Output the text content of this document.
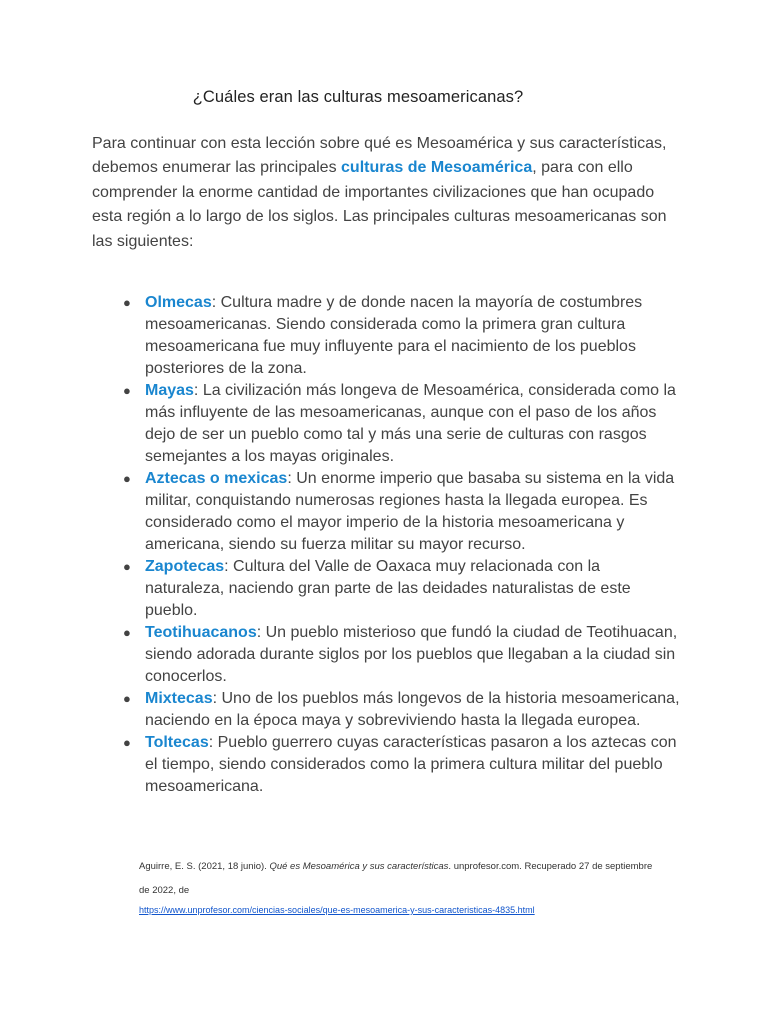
¿Cuáles eran las culturas mesoamericanas?

Para continuar con esta lección sobre qué es Mesoamérica y sus características, debemos enumerar las principales culturas de Mesoamérica, para con ello comprender la enorme cantidad de importantes civilizaciones que han ocupado esta región a lo largo de los siglos. Las principales culturas mesoamericanas son las siguientes:

● Olmecas: Cultura madre y de donde nacen la mayoría de costumbres mesoamericanas. Siendo considerada como la primera gran cultura mesoamericana fue muy influyente para el nacimiento de los pueblos posteriores de la zona.
● Mayas: La civilización más longeva de Mesoamérica, considerada como la más influyente de las mesoamericanas, aunque con el paso de los años dejo de ser un pueblo como tal y más una serie de culturas con rasgos semejantes a los mayas originales.
● Aztecas o mexicas: Un enorme imperio que basaba su sistema en la vida militar, conquistando numerosas regiones hasta la llegada europea. Es considerado como el mayor imperio de la historia mesoamericana y americana, siendo su fuerza militar su mayor recurso.
● Zapotecas: Cultura del Valle de Oaxaca muy relacionada con la naturaleza, naciendo gran parte de las deidades naturalistas de este pueblo.
● Teotihuacanos: Un pueblo misterioso que fundó la ciudad de Teotihuacan, siendo adorada durante siglos por los pueblos que llegaban a la ciudad sin conocerlos.
● Mixtecas: Uno de los pueblos más longevos de la historia mesoamericana, naciendo en la época maya y sobreviviendo hasta la llegada europea.
● Toltecas: Pueblo guerrero cuyas características pasaron a los aztecas con el tiempo, siendo considerados como la primera cultura militar del pueblo mesoamericana.
Aguirre, E. S. (2021, 18 junio). Qué es Mesoamérica y sus características. unprofesor.com. Recuperado 27 de septiembre de 2022, de
https://www.unprofesor.com/ciencias-sociales/que-es-mesoamerica-y-sus-caracteristicas-4835.html
